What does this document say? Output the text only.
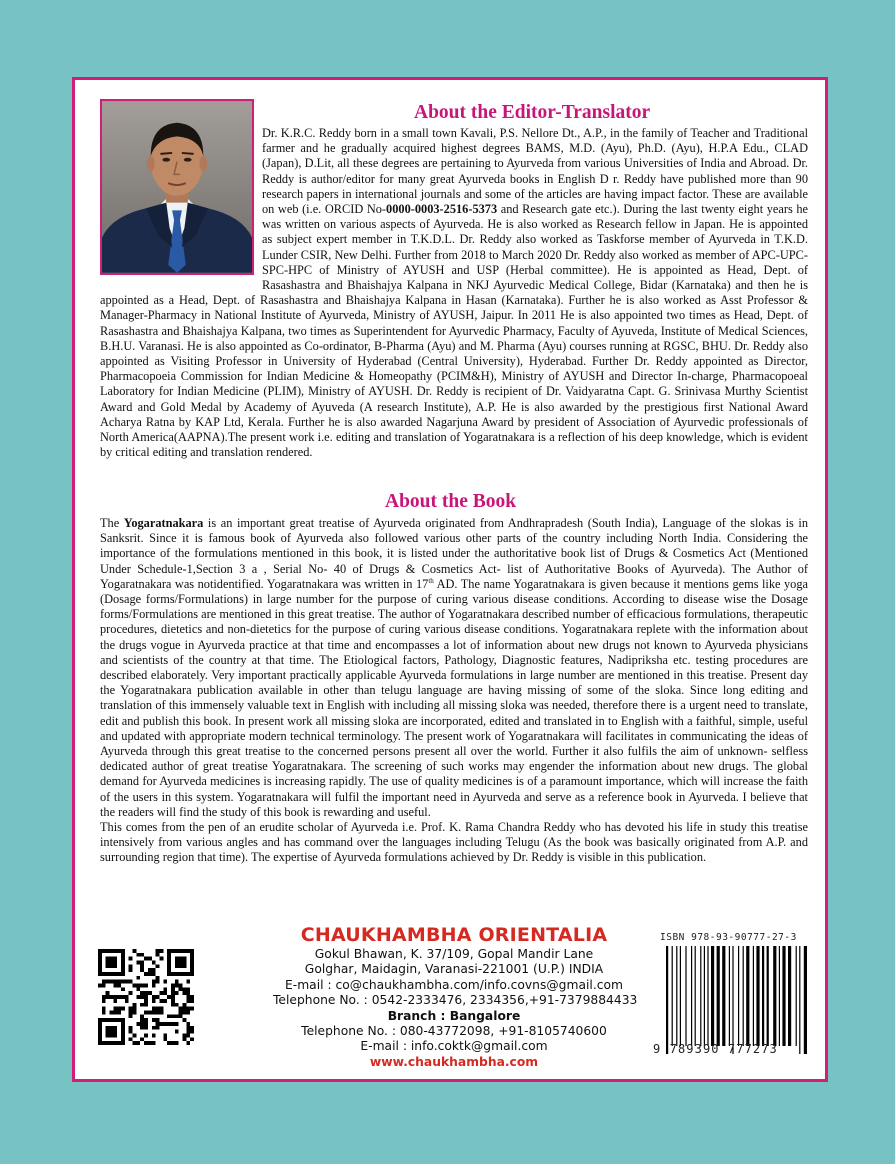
About the Editor-Translator

Dr. K.R.C. Reddy born in a small town Kavali, P.S. Nellore Dt., A.P., in the family of Teacher and Traditional farmer and he gradually acquired highest degrees BAMS, M.D. (Ayu), Ph.D. (Ayu), H.P.A Edu., CLAD (Japan), D.Lit, all these degrees are pertaining to Ayurveda from various Universities of India and Abroad. Dr. Reddy is author/editor for many great Ayurveda books in English D r. Reddy have published more than 90 research papers in international journals and some of the articles are having impact factor. These are available on web (i.e. ORCID No-0000-0003-2516-5373 and Research gate etc.). During the last twenty eight years he was written on various aspects of Ayurveda. He is also worked as Research fellow in Japan. He is appointed as subject expert member in T.K.D.L. Dr. Reddy also worked as Taskforse member of Ayurveda in T.K.D. Lunder CSIR, New Delhi. Further from 2018 to March 2020 Dr. Reddy also worked as member of APC-UPC-SPC-HPC of Ministry of AYUSH and USP (Herbal committee). He is appointed as Head, Dept. of Rasashastra and Bhaishajya Kalpana in NKJ Ayurvedic Medical College, Bidar (Karnataka) and then he is appointed as a Head, Dept. of Rasashastra and Bhaishajya Kalpana in Hasan (Karnataka). Further he is also worked as Asst Professor & Manager-Pharmacy in National Institute of Ayurveda, Ministry of AYUSH, Jaipur. In 2011 He is also appointed two times as Head, Dept. of Rasashastra and Bhaishajya Kalpana, two times as Superintendent for Ayurvedic Pharmacy, Faculty of Ayuveda, Institute of Medical Sciences, B.H.U. Varanasi. He is also appointed as Co-ordinator, B-Pharma (Ayu) and M. Pharma (Ayu) courses running at RGSC, BHU. Dr. Reddy also appointed as Visiting Professor in University of Hyderabad (Central University), Hyderabad. Further Dr. Reddy appointed as Director, Pharmacopoeia Commission for Indian Medicine & Homeopathy (PCIM&H), Ministry of AYUSH and Director In-charge, Pharmacopoeal Laboratory for Indian Medicine (PLIM), Ministry of AYUSH. Dr. Reddy is recipient of Dr. Vaidyaratna Capt. G. Srinivasa Murthy Scientist Award and Gold Medal by Academy of Ayuveda (A research Institute), A.P. He is also awarded by the prestigious first National Award Acharya Ratna by KAP Ltd, Kerala. Further he is also awarded Nagarjuna Award by president of Association of Ayurvedic professionals of North America(AAPNA).The present work i.e. editing and translation of Yogaratnakara is a reflection of his deep knowledge, which is evident by critical editing and translation rendered.

About the Book

The Yogaratnakara is an important great treatise of Ayurveda originated from Andhrapradesh (South India), Language of the slokas is in Sanksrit. Since it is famous book of Ayurveda also followed various other parts of the country including North India. Considering the importance of the formulations mentioned in this book, it is listed under the authoritative book list of Drugs & Cosmetics Act (Mentioned Under Schedule-1,Section 3 a , Serial No- 40 of Drugs & Cosmetics Act- list of Authoritative Books of Ayurveda). The Author of Yogaratnakara was notidentified. Yogaratnakara was written in 17th AD. The name Yogaratnakara is given because it mentions gems like yoga (Dosage forms/Formulations) in large number for the purpose of curing various disease conditions. According to disease wise the Dosage forms/Formulations are mentioned in this great treatise. The author of Yogaratnakara described number of efficacious formulations, therapeutic procedures, dietetics and non-dietetics for the purpose of curing various disease conditions. Yogaratnakara replete with the information about the drugs vogue in Ayurveda practice at that time and encompasses a lot of information about new drugs not known to Ayurveda physicians and scientists of the country at that time. The Etiological factors, Pathology, Diagnostic features, Nadipriksha etc. testing procedures are described elaborately. Very important practically applicable Ayurveda formulations in large number are mentioned in this treatise. Present day the Yogaratnakara publication available in other than telugu language are having missing of some of the sloka. Since long editing and translation of this immensely valuable text in English with including all missing sloka was needed, therefore there is a urgent need to translate, edit and publish this book. In present work all missing sloka are incorporated, edited and translated in to English with a faithful, simple, useful and updated with appropriate modern technical terminology. The present work of Yogaratnakara will facilitates in communicating the ideas of Ayurveda through this great treatise to the concerned persons present all over the world. Further it also fulfils the aim of unknown- selfless dedicated author of great treatise Yogaratnakara. The screening of such works may engender the information about new drugs. The global demand for Ayurveda medicines is increasing rapidly. The use of quality medicines is of a paramount importance, which will increase the faith of the users in this system. Yogaratnakara will fulfil the important need in Ayurveda and serve as a reference book in Ayurveda. I believe that the readers will find the study of this book is rewarding and useful.

This comes from the pen of an erudite scholar of Ayurveda i.e. Prof. K. Rama Chandra Reddy who has devoted his life in study this treatise intensively from various angles and has command over the languages including Telugu (As the book was basically originated from A.P. and surrounding region that time). The expertise of Ayurveda formulations achieved by Dr. Reddy is visible in this publication.

CHAUKHAMBHA ORIENTALIA
Gokul Bhawan, K. 37/109, Gopal Mandir Lane
Golghar, Maidagin, Varanasi-221001 (U.P.) INDIA
E-mail : co@chaukhambha.com/info.covns@gmail.com
Telephone No. : 0542-2333476, 2334356,+91-7379884433
Branch : Bangalore
Telephone No. : 080-43772098, +91-8105740600
E-mail : info.coktk@gmail.com
www.chaukhambha.com
ISBN 978-93-90777-27-3
9 789390 777273
